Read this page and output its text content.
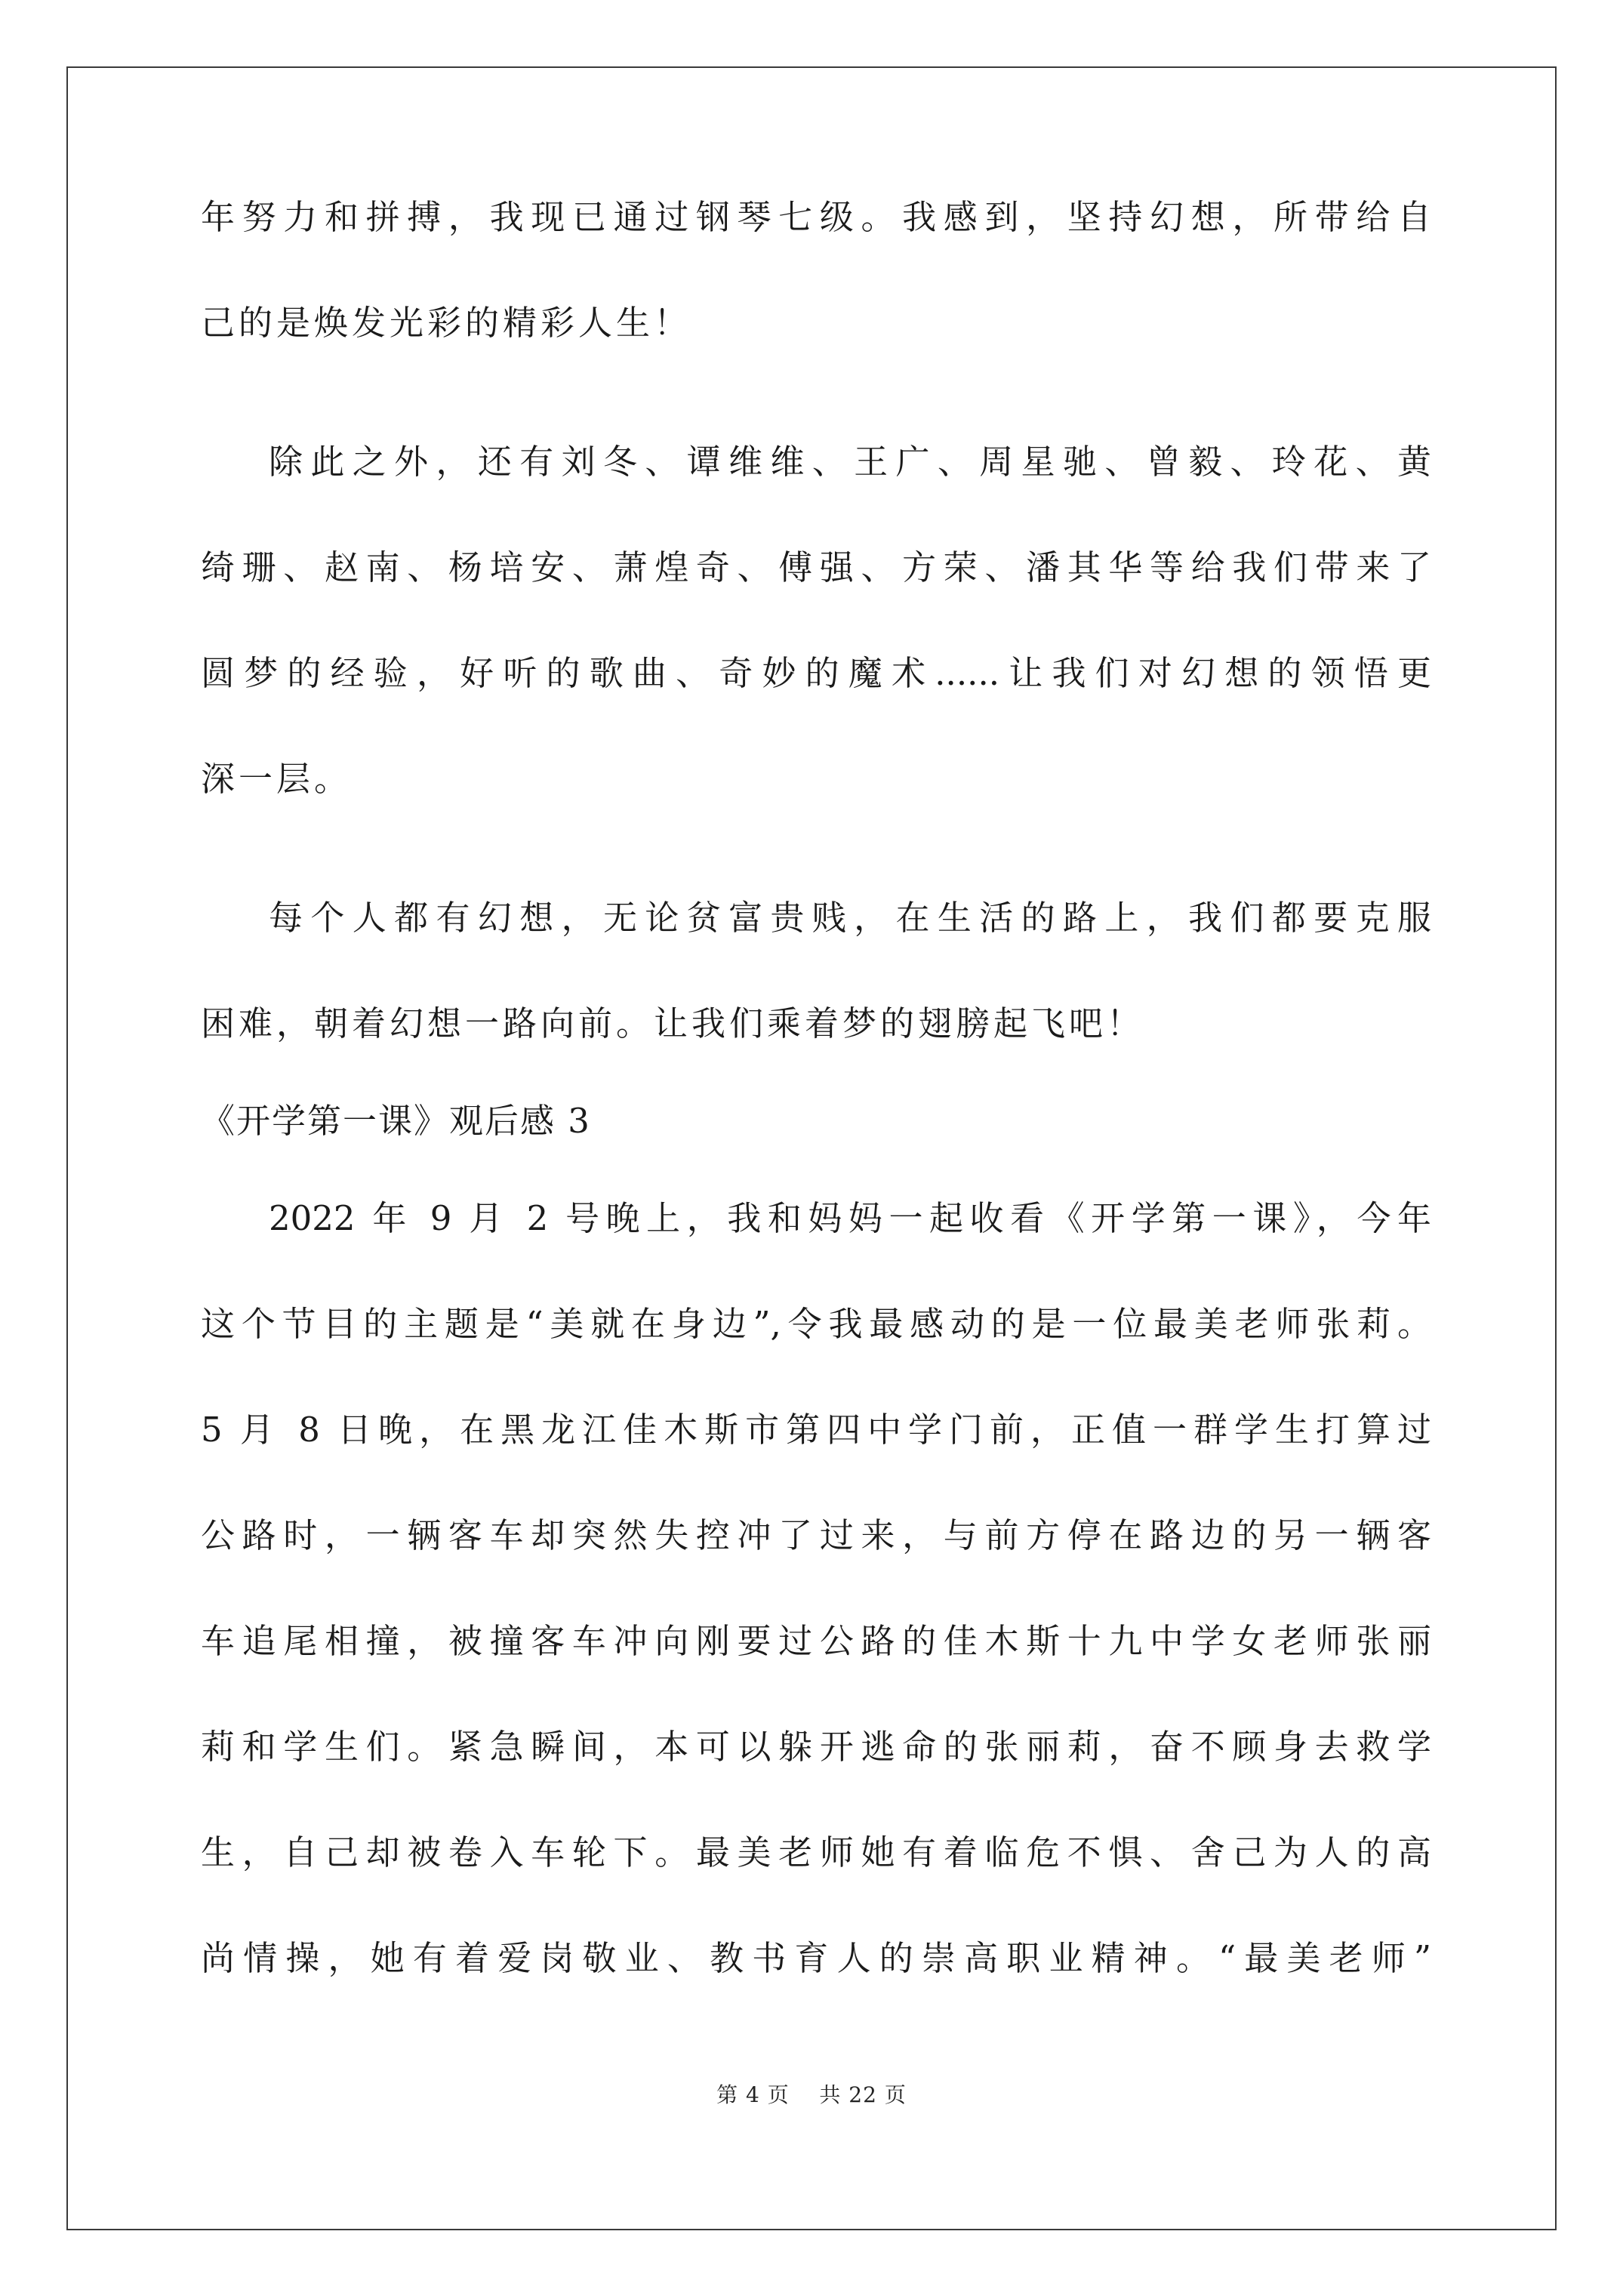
年努力和拼搏，我现已通过钢琴七级。我感到，坚持幻想，所带给自
己的是焕发光彩的精彩人生！
除此之外，还有刘冬、谭维维、王广、周星驰、曾毅、玲花、黄
绮珊、赵南、杨培安、萧煌奇、傅强、方荣、潘其华等给我们带来了
圆梦的经验，好听的歌曲、奇妙的魔术......让我们对幻想的领悟更
深一层。
每个人都有幻想，无论贫富贵贱，在生活的路上，我们都要克服
困难，朝着幻想一路向前。让我们乘着梦的翅膀起飞吧！
《开学第一课》观后感 3
2022 年 9 月 2 号晚上，我和妈妈一起收看《开学第一课》，今年
这个节目的主题是“美就在身边”,令我最感动的是一位最美老师张莉。
5 月 8 日晚，在黑龙江佳木斯市第四中学门前，正值一群学生打算过
公路时，一辆客车却突然失控冲了过来，与前方停在路边的另一辆客
车追尾相撞，被撞客车冲向刚要过公路的佳木斯十九中学女老师张丽
莉和学生们。紧急瞬间，本可以躲开逃命的张丽莉，奋不顾身去救学
生，自己却被卷入车轮下。最美老师她有着临危不惧、舍己为人的高
尚情操，她有着爱岗敬业、教书育人的崇高职业精神。“最美老师”
第 4 页 共 22 页
